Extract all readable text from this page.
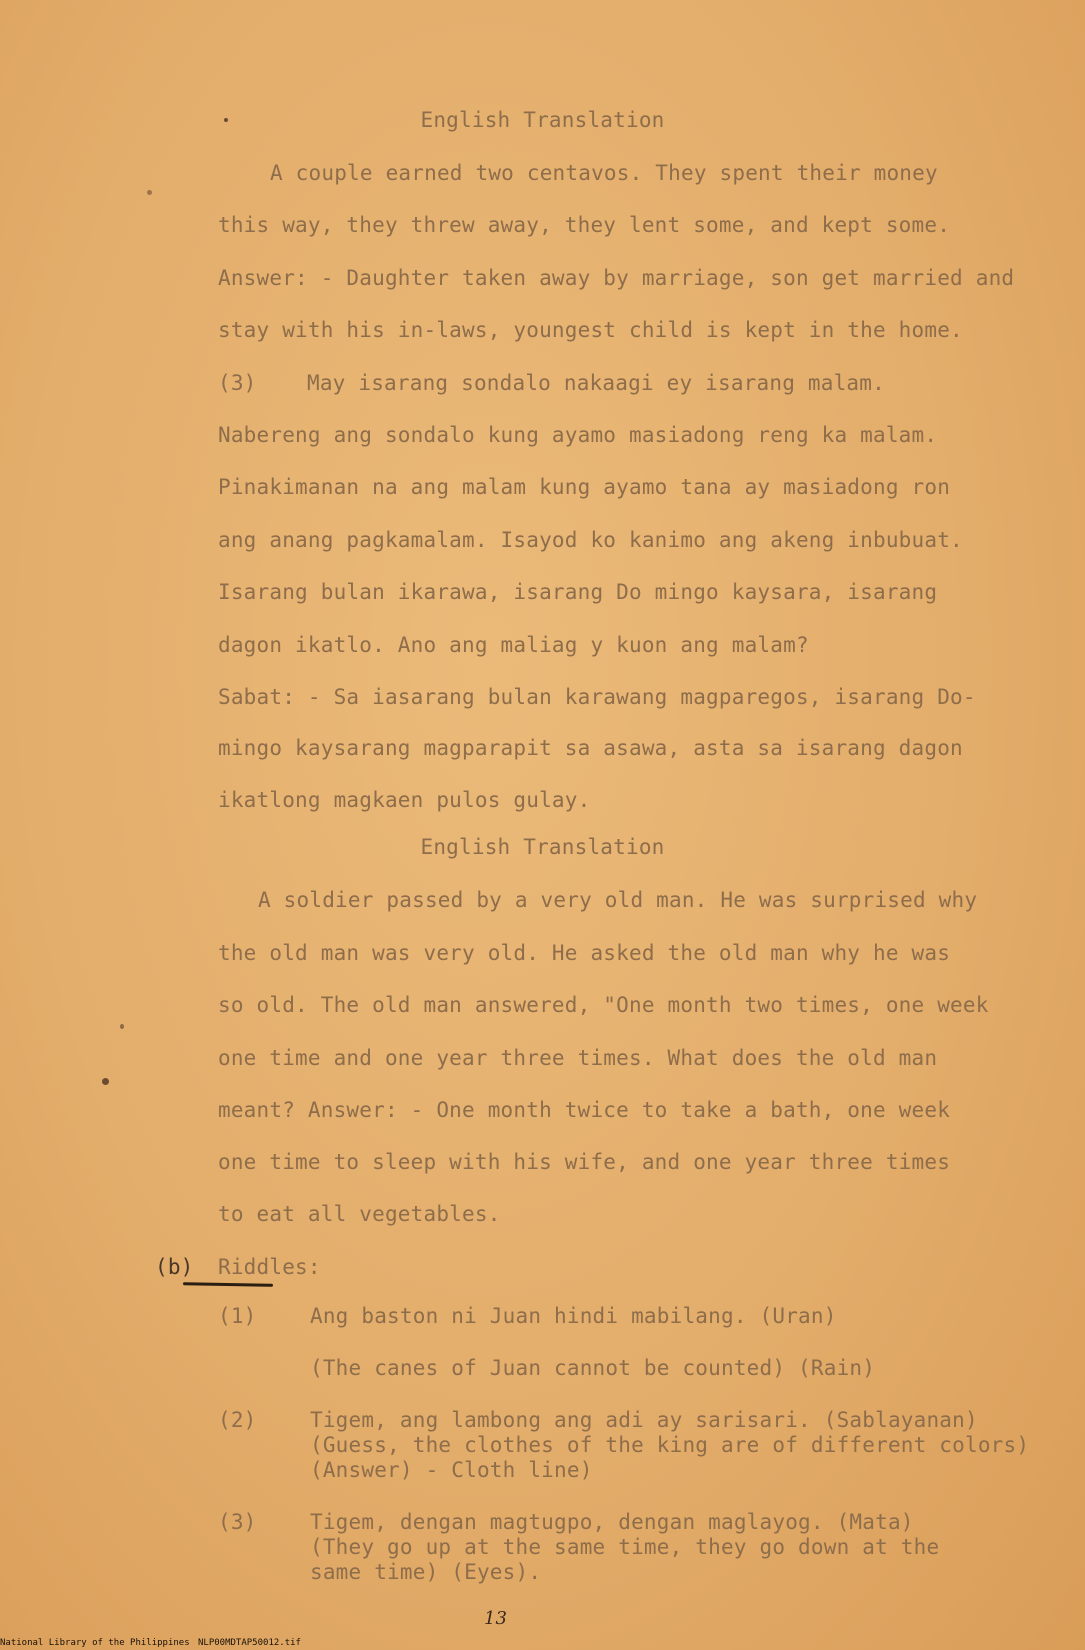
English Translation
A couple earned two centavos. They spent their money
this way, they threw away, they lent some, and kept some.
Answer: - Daughter taken away by marriage, son get married and
stay with his in-laws, youngest child is kept in the home.
(3) May isarang sondalo nakaagi ey isarang malam.
Nabereng ang sondalo kung ayamo masiadong reng ka malam.
Pinakimanan na ang malam kung ayamo tana ay masiadong ron
ang anang pagkamalam. Isayod ko kanimo ang akeng inbubuat.
Isarang bulan ikarawa, isarang Do mingo kaysara, isarang
dagon ikatlo. Ano ang maliag y kuon ang malam?
Sabat: - Sa iasarang bulan karawang magparegos, isarang Do-
mingo kaysarang magparapit sa asawa, asta sa isarang dagon
ikatlong magkaen pulos gulay.
English Translation
A soldier passed by a very old man. He was surprised why
the old man was very old. He asked the old man why he was
so old. The old man answered, "One month two times, one week
one time and one year three times. What does the old man
meant? Answer: - One month twice to take a bath, one week
one time to sleep with his wife, and one year three times
to eat all vegetables.
(b) Riddles:
(1)	Ang baston ni Juan hindi mabilang. (Uran)
(The canes of Juan cannot be counted) (Rain)
(2)	Tigem, ang lambong ang adi ay sarisari. (Sablayanan)
(Guess, the clothes of the king are of different colors)
(Answer) - Cloth line)
(3)	Tigem, dengan magtugpo, dengan maglayog. (Mata)
(They go up at the same time, they go down at the
same time) (Eyes).
13
National Library of the Philippines NLP00MDTAP50012.tif
